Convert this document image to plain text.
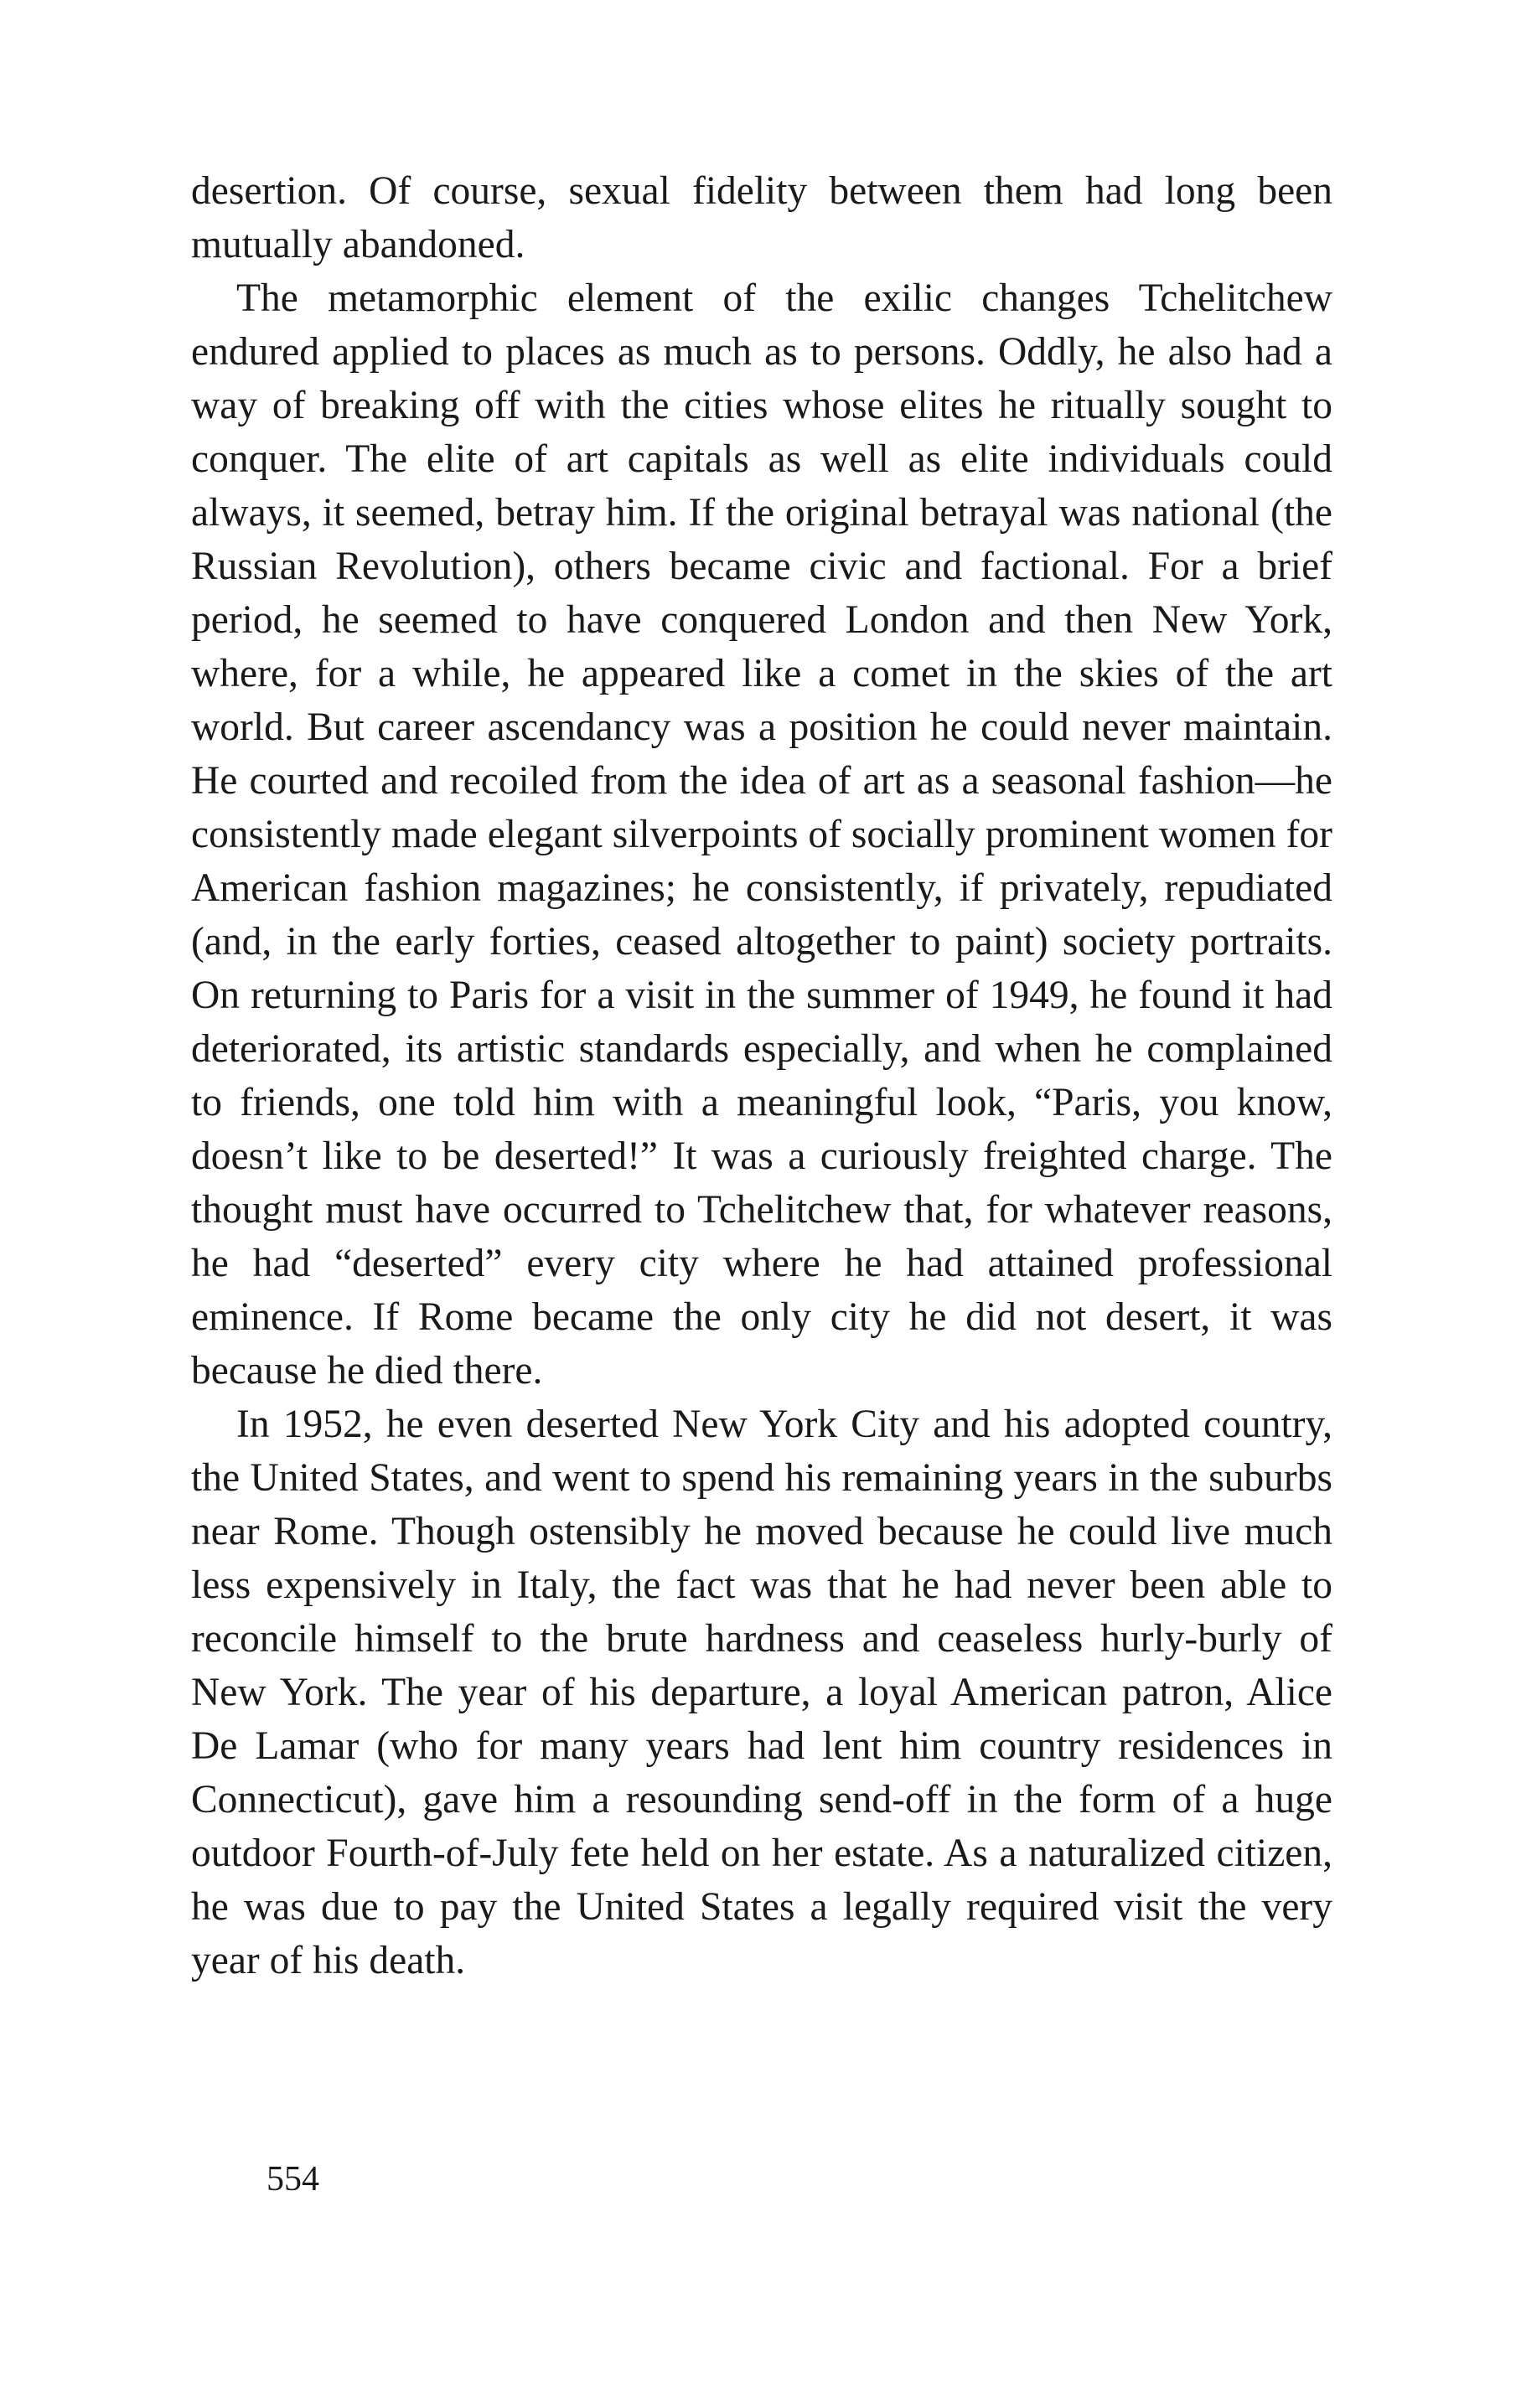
desertion. Of course, sexual fidelity between them had long been mutually abandoned.

The metamorphic element of the exilic changes Tchelitchew endured applied to places as much as to persons. Oddly, he also had a way of breaking off with the cities whose elites he ritually sought to conquer. The elite of art capitals as well as elite individuals could always, it seemed, betray him. If the original betrayal was national (the Russian Revolution), others became civic and factional. For a brief period, he seemed to have conquered London and then New York, where, for a while, he appeared like a comet in the skies of the art world. But career ascendancy was a position he could never maintain. He courted and recoiled from the idea of art as a seasonal fashion—he consistently made elegant silverpoints of socially prominent women for American fashion magazines; he consistently, if privately, repudiated (and, in the early forties, ceased altogether to paint) society portraits. On returning to Paris for a visit in the summer of 1949, he found it had deteriorated, its artistic standards especially, and when he complained to friends, one told him with a meaningful look, “Paris, you know, doesn’t like to be deserted!” It was a curiously freighted charge. The thought must have occurred to Tchelitchew that, for whatever reasons, he had “deserted” every city where he had attained professional eminence. If Rome became the only city he did not desert, it was because he died there.

In 1952, he even deserted New York City and his adopted country, the United States, and went to spend his remaining years in the suburbs near Rome. Though ostensibly he moved because he could live much less expensively in Italy, the fact was that he had never been able to reconcile himself to the brute hardness and ceaseless hurly-burly of New York. The year of his departure, a loyal American patron, Alice De Lamar (who for many years had lent him country residences in Connecticut), gave him a resounding send-off in the form of a huge outdoor Fourth-of-July fete held on her estate. As a naturalized citizen, he was due to pay the United States a legally required visit the very year of his death.

554
